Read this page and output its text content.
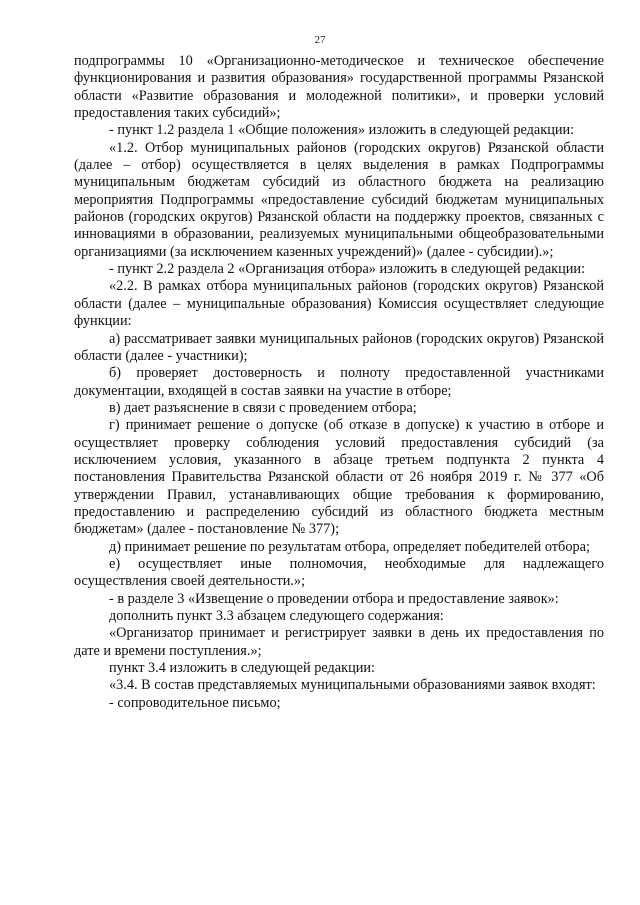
27

подпрограммы 10 «Организационно-методическое и техническое обеспечение функционирования и развития образования» государственной программы Рязанской области «Развитие образования и молодежной политики», и проверки условий предоставления таких субсидий»;

- пункт 1.2 раздела 1 «Общие положения» изложить в следующей редакции:

«1.2. Отбор муниципальных районов (городских округов) Рязанской области (далее – отбор) осуществляется в целях выделения в рамках Подпрограммы муниципальным бюджетам субсидий из областного бюджета на реализацию мероприятия Подпрограммы «предоставление субсидий бюджетам муниципальных районов (городских округов) Рязанской области на поддержку проектов, связанных с инновациями в образовании, реализуемых муниципальными общеобразовательными организациями (за исключением казенных учреждений)» (далее - субсидии).»;

- пункт 2.2 раздела 2 «Организация отбора» изложить в следующей редакции:

«2.2. В рамках отбора муниципальных районов (городских округов) Рязанской области (далее – муниципальные образования) Комиссия осуществляет следующие функции:

а) рассматривает заявки муниципальных районов (городских округов) Рязанской области (далее - участники);

б) проверяет достоверность и полноту предоставленной участниками документации, входящей в состав заявки на участие в отборе;

в) дает разъяснение в связи с проведением отбора;

г) принимает решение о допуске (об отказе в допуске) к участию в отборе и осуществляет проверку соблюдения условий предоставления субсидий (за исключением условия, указанного в абзаце третьем подпункта 2 пункта 4 постановления Правительства Рязанской области от 26 ноября 2019 г. № 377 «Об утверждении Правил, устанавливающих общие требования к формированию, предоставлению и распределению субсидий из областного бюджета местным бюджетам» (далее - постановление № 377);

д) принимает решение по результатам отбора, определяет победителей отбора;

е) осуществляет иные полномочия, необходимые для надлежащего осуществления своей деятельности.»;

- в разделе 3 «Извещение о проведении отбора и предоставление заявок»:

дополнить пункт 3.3 абзацем следующего содержания:

«Организатор принимает и регистрирует заявки в день их предоставления по дате и времени поступления.»;

пункт 3.4 изложить в следующей редакции:

«3.4. В состав представляемых муниципальными образованиями заявок входят:

- сопроводительное письмо;
